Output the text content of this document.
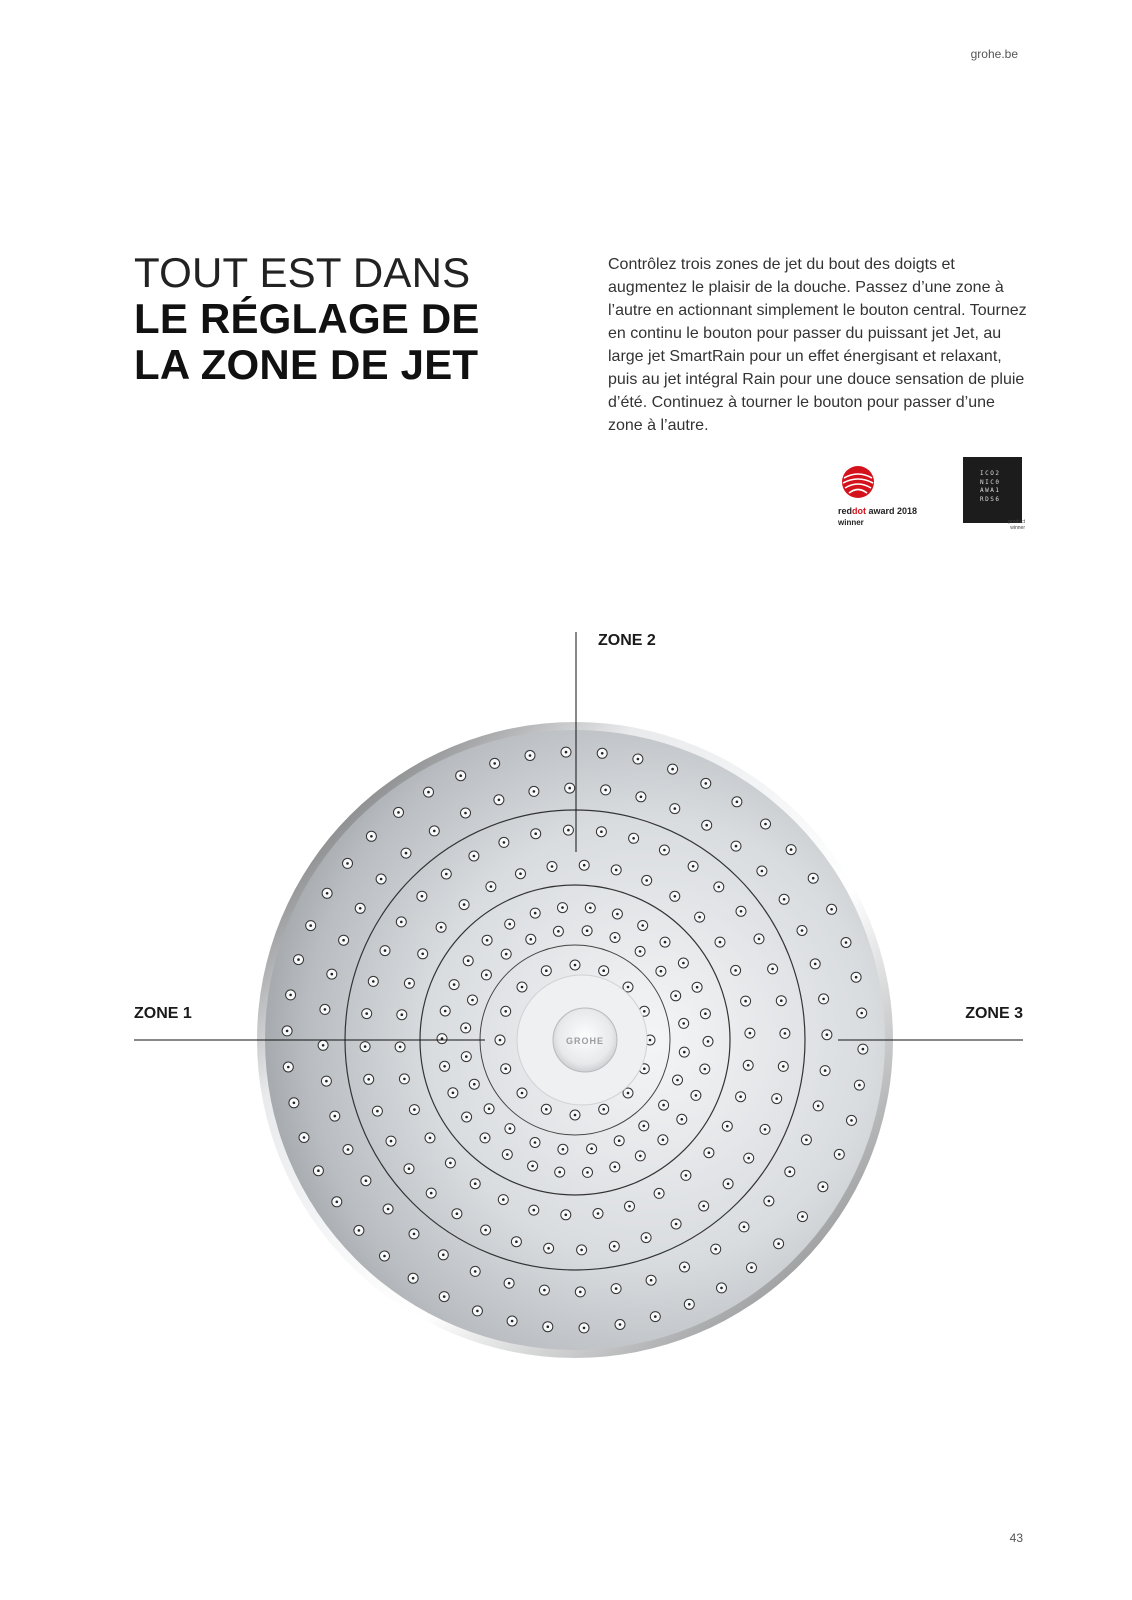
grohe.be
TOUT EST DANS
LE RÉGLAGE DE
LA ZONE DE JET

Contrôlez trois zones de jet du bout des doigts et augmentez le plaisir de la douche. Passez d’une zone à l’autre en actionnant simplement le bouton central. Tournez en continu le bouton pour passer du puissant jet Jet, au large jet SmartRain pour un effet énergisant et relaxant, puis au jet intégral Rain pour une douce sensation de pluie d’été. Continuez à tourner le bouton pour passer d’une zone à l’autre.

reddot award 2018
winner
ICO2
NIC0
AWA1
RDS6
product winner
GROHE
ZONE 2
ZONE 1	ZONE 3
43
